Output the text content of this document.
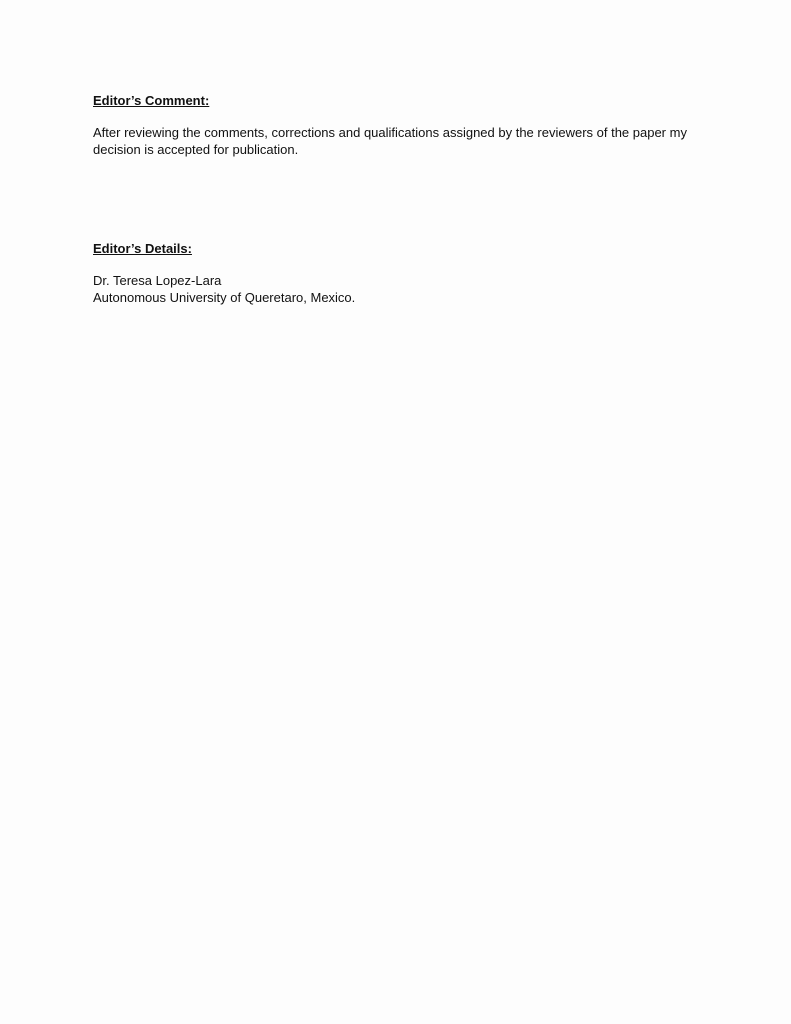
Editor’s Comment:

After reviewing the comments, corrections and qualifications assigned by the reviewers of the paper my decision is accepted for publication.

Editor’s Details:

Dr. Teresa Lopez-Lara
Autonomous University of Queretaro, Mexico.
